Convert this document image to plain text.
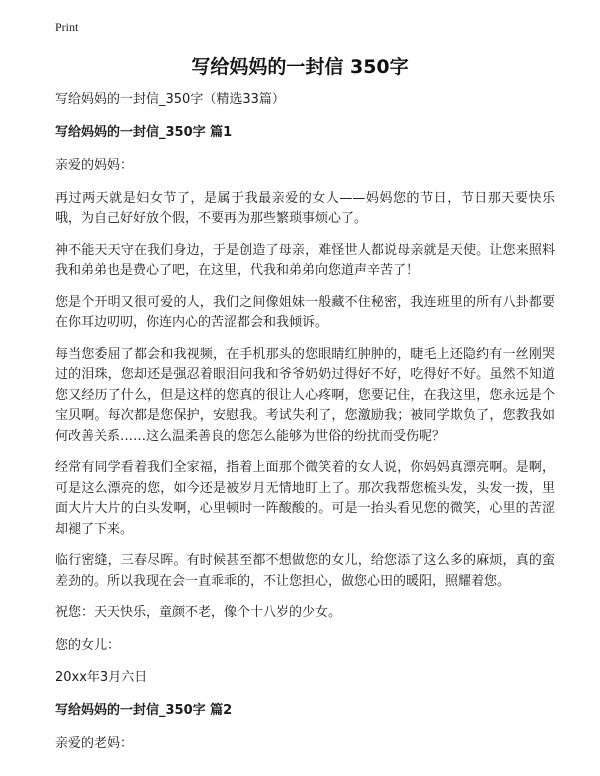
Print
写给妈妈的一封信 350字

写给妈妈的一封信_350字（精选33篇）

写给妈妈的一封信_350字 篇1

亲爱的妈妈：

再过两天就是妇女节了，是属于我最亲爱的女人——妈妈您的节日，节日那天要快乐哦，为自己好好放个假，不要再为那些繁琐事烦心了。

神不能天天守在我们身边，于是创造了母亲，难怪世人都说母亲就是天使。让您来照料我和弟弟也是费心了吧，在这里，代我和弟弟向您道声辛苦了！

您是个开明又很可爱的人，我们之间像姐妹一般藏不住秘密，我连班里的所有八卦都要在你耳边叨叨，你连内心的苦涩都会和我倾诉。

每当您委屈了都会和我视频，在手机那头的您眼睛红肿肿的，睫毛上还隐约有一丝刚哭过的泪珠，您却还是强忍着眼泪问我和爷爷奶奶过得好不好，吃得好不好。虽然不知道您又经历了什么，但是这样的您真的很让人心疼啊，您要记住，在我这里，您永远是个宝贝啊。每次都是您保护，安慰我。考试失利了，您激励我；被同学欺负了，您教我如何改善关系……这么温柔善良的您怎么能够为世俗的纷扰而受伤呢？

经常有同学看着我们全家福，指着上面那个微笑着的女人说，你妈妈真漂亮啊。是啊，可是这么漂亮的您，如今还是被岁月无情地盯上了。那次我帮您梳头发，头发一拨，里面大片大片的白头发啊，心里顿时一阵酸酸的。可是一抬头看见您的微笑，心里的苦涩却褪了下来。

临行密缝，三春尽晖。有时候甚至都不想做您的女儿，给您添了这么多的麻烦，真的蛮差劲的。所以我现在会一直乖乖的，不让您担心，做您心田的暖阳，照耀着您。

祝您：天天快乐，童颜不老，像个十八岁的少女。

您的女儿：

20xx年3月六日

写给妈妈的一封信_350字 篇2

亲爱的老妈：
